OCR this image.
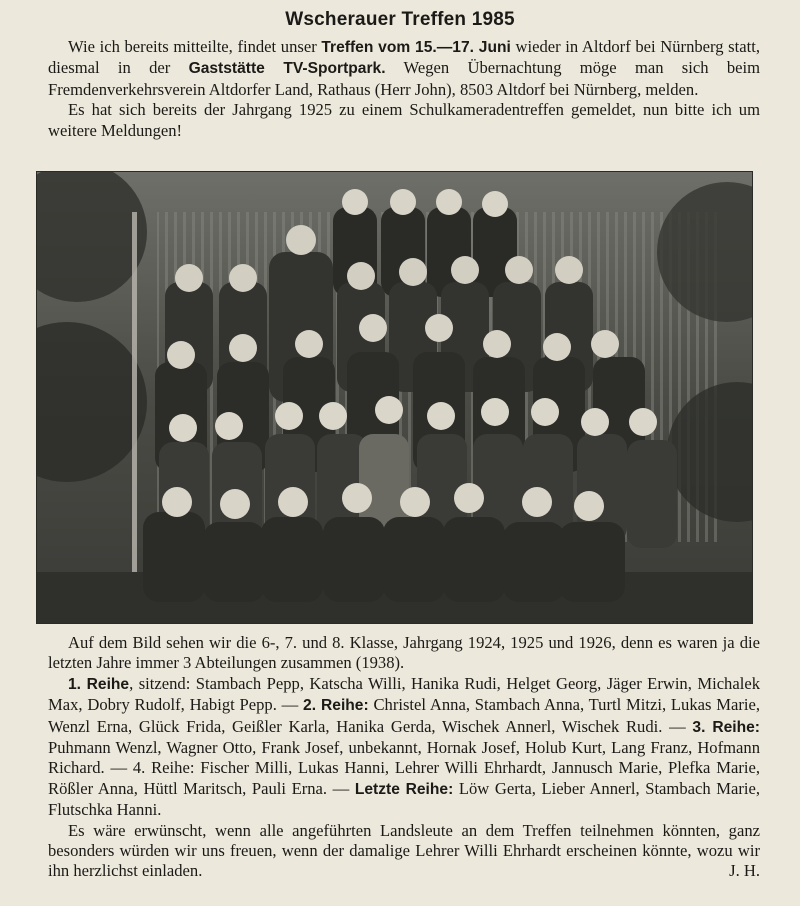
Wscherauer Treffen 1985

Wie ich bereits mitteilte, findet unser Treffen vom 15.—17. Juni wieder in Altdorf bei Nürnberg statt, diesmal in der Gaststätte TV-Sportpark. Wegen Übernachtung möge man sich beim Fremdenverkehrsverein Altdorfer Land, Rathaus (Herr John), 8503 Altdorf bei Nürnberg, melden.

Es hat sich bereits der Jahrgang 1925 zu einem Schulkameradentreffen gemeldet, nun bitte ich um weitere Meldungen!

Auf dem Bild sehen wir die 6-, 7. und 8. Klasse, Jahrgang 1924, 1925 und 1926, denn es waren ja die letzten Jahre immer 3 Abteilungen zusammen (1938).

1. Reihe, sitzend: Stambach Pepp, Katscha Willi, Hanika Rudi, Helget Georg, Jäger Erwin, Michalek Max, Dobry Rudolf, Habigt Pepp. — 2. Reihe: Christel Anna, Stambach Anna, Turtl Mitzi, Lukas Marie, Wenzl Erna, Glück Frida, Geißler Karla, Hanika Gerda, Wischek Annerl, Wischek Rudi. — 3. Reihe: Puhmann Wenzl, Wagner Otto, Frank Josef, unbekannt, Hornak Josef, Holub Kurt, Lang Franz, Hofmann Richard. — 4. Reihe: Fischer Milli, Lukas Hanni, Lehrer Willi Ehrhardt, Jannusch Marie, Plefka Marie, Rößler Anna, Hüttl Maritsch, Pauli Erna. — Letzte Reihe: Löw Gerta, Lieber Annerl, Stambach Marie, Flutschka Hanni.

Es wäre erwünscht, wenn alle angeführten Landsleute an dem Treffen teilnehmen könnten, ganz besonders würden wir uns freuen, wenn der damalige Lehrer Willi Ehrhardt erscheinen könnte, wozu wir ihn herzlichst einladen.	J. H.
